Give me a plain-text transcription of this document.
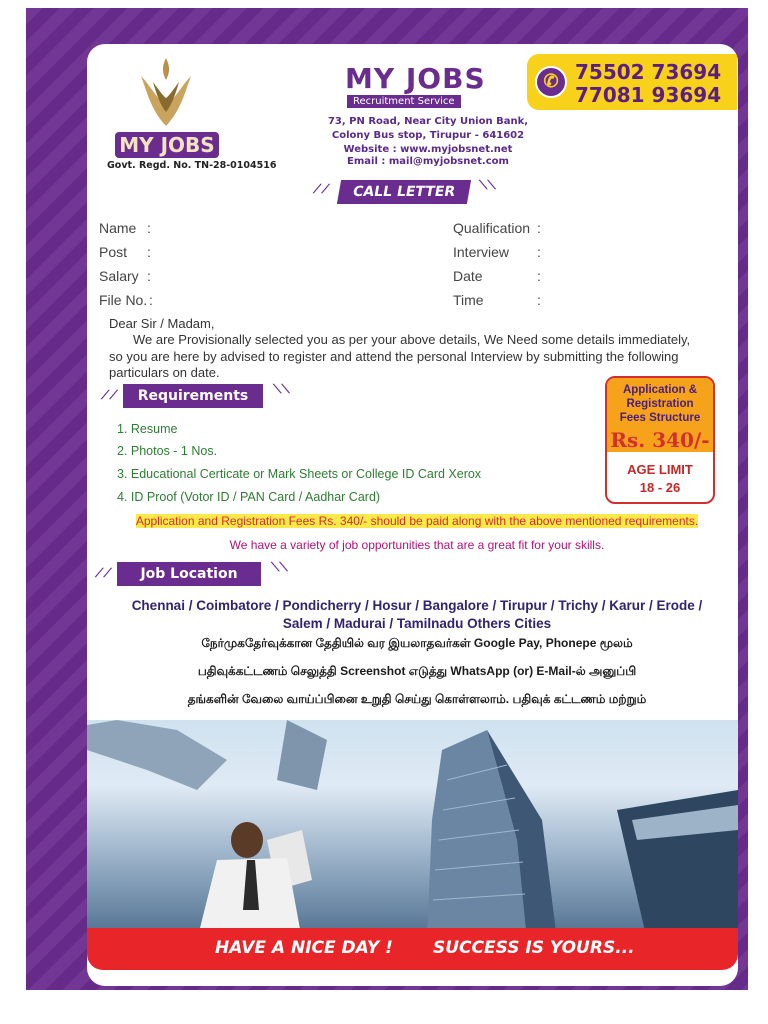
MY JOBS
Govt. Regd. No. TN-28-0104516
MY JOBS
Recruitment Service
73, PN Road, Near City Union Bank,
Colony Bus stop, Tirupur - 641602
Website : www.myjobsnet.net
Email : mail@myjobsnet.com
✆ 75502 73694
77081 93694
⟋⟋	CALL LETTER	⟍⟍
Name :
Post :
Salary :
File No. :
Qualification :
Interview :
Date	:
Time	:
Dear Sir / Madam,
We are Provisionally selected you as per your above details, We Need some details immediately,
so you are here by advised to register and attend the personal Interview by submitting the following
particulars on date.
⟋⟋	Requirements	⟍⟍
1. Resume
2. Photos - 1 Nos.
3. Educational Certicate or Mark Sheets or College ID Card Xerox
4. ID Proof (Votor ID / PAN Card / Aadhar Card)
Application &
Registration
Fees Structure
Rs. 340/-
AGE LIMIT
18 - 26
Application and Registration Fees Rs. 340/- should be paid along with the above mentioned requirements.
We have a variety of job opportunities that are a great fit for your skills.
⟋⟋	Job Location	⟍⟍
Chennai / Coimbatore / Pondicherry / Hosur / Bangalore / Tirupur / Trichy / Karur / Erode /
Salem / Madurai / Tamilnadu Others Cities
நேர்முகதேர்வுக்கான தேதியில் வர இயலாதவர்கள் Google Pay, Phonepe மூலம்
பதிவுக்கட்டணம் செலுத்தி Screenshot எடுத்து WhatsApp (or) E-Mail-ல் அனுப்பி
தங்களின் வேலை வாய்ப்பினை உறுதி செய்து கொள்ளலாம். பதிவுக் கட்டணம் மற்றும்
HAVE A NICE DAY ! SUCCESS IS YOURS...
